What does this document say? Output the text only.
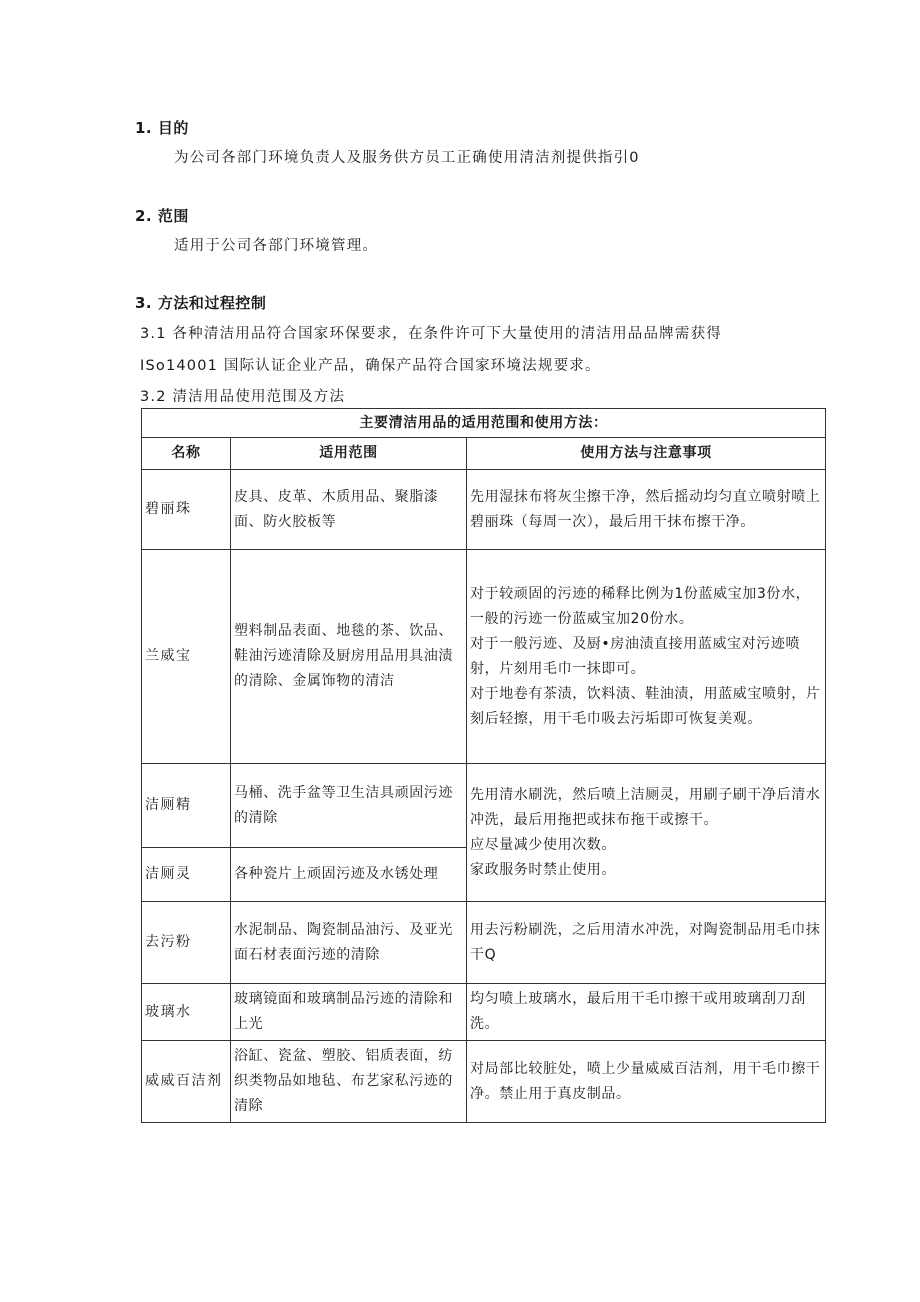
1. 目的
为公司各部门环境负责人及服务供方员工正确使用清洁剂提供指引0
2. 范围
适用于公司各部门环境管理。
3. 方法和过程控制
3.1 各种清洁用品符合国家环保要求，在条件许可下大量使用的清洁用品品牌需获得
ISo14001 国际认证企业产品，确保产品符合国家环境法规要求。
3.2 清洁用品使用范围及方法
主要清洁用品的适用范围和使用方法：		
名称	适用范围	使用方法与注意事项
碧丽珠	皮具、皮革、木质用品、聚脂漆面、防火胶板等	先用湿抹布将灰尘擦干净，然后摇动均匀直立喷射喷上碧丽珠（每周一次），最后用干抹布擦干净。

兰威宝	塑料制品表面、地毯的茶、饮品、鞋油污迹清除及厨房用品用具油渍的清除、金属饰物的清洁	对于较顽固的污迹的稀释比例为1份蓝威宝加3份水，一般的污迹一份蓝威宝加20份水。

对于一般污迹、及厨•房油渍直接用蓝威宝对污迹喷射，片刻用毛巾一抹即可。

对于地卷有茶渍，饮料渍、鞋油渍，用蓝威宝喷射，片刻后轻擦，用干毛巾吸去污垢即可恢复美观。

洁厕精	马桶、洗手盆等卫生洁具顽固污迹的清除	先用清水刷洗，然后喷上洁厕灵，用刷子刷干净后清水冲洗，最后用拖把或抹布拖干或擦干。

应尽量减少使用次数。

家政服务时禁止使用。

洁厕灵	各种瓷片上顽固污迹及水锈处理	
去污粉	水泥制品、陶瓷制品油污、及亚光面石材表面污迹的清除	用去污粉刷洗，之后用清水冲洗，对陶瓷制品用毛巾抹干Q

玻璃水	玻璃镜面和玻璃制品污迹的清除和上光	均匀喷上玻璃水，最后用干毛巾擦干或用玻璃刮刀刮洗。

威威百洁剂	浴缸、瓷盆、塑胶、铝质表面，纺织类物品如地毡、布艺家私污迹的清除	对局部比较脏处，喷上少量威威百洁剂，用干毛巾擦干净。禁止用于真皮制品。
